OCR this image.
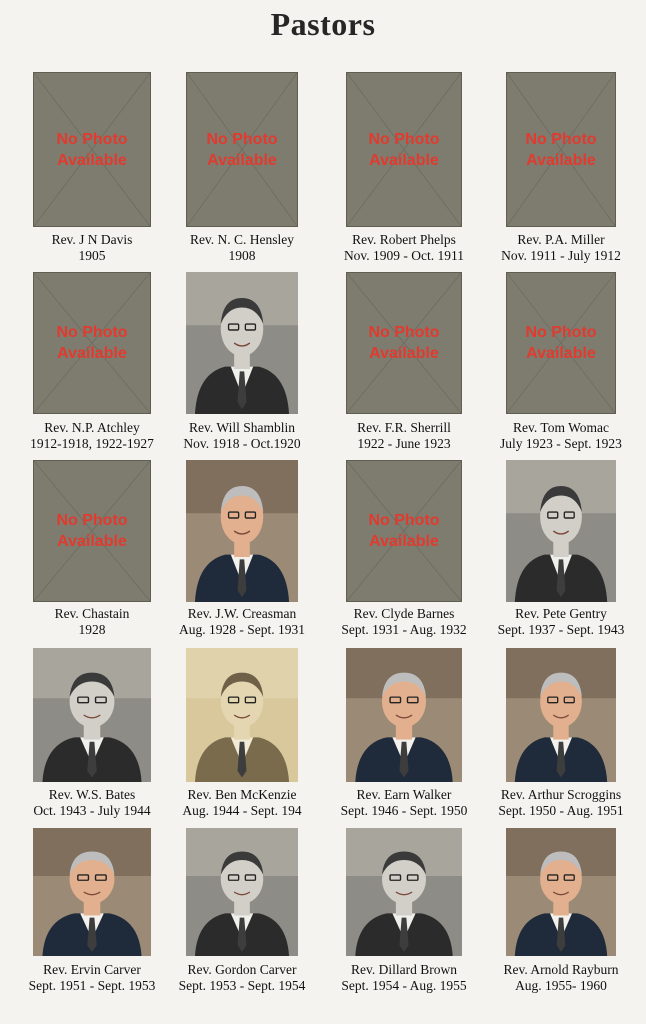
Pastors
No Photo
Available
Rev. J N Davis
1905
No Photo
Available
Rev. N. C. Hensley
1908
No Photo
Available
Rev. Robert Phelps
Nov. 1909 - Oct. 1911
No Photo
Available
Rev. P.A. Miller
Nov. 1911 - July 1912
No Photo
Available
Rev. N.P. Atchley
1912-1918, 1922-1927
Rev. Will Shamblin
Nov. 1918 - Oct.1920
No Photo
Available
Rev. F.R. Sherrill
1922 - June 1923
No Photo
Available
Rev. Tom Womac
July 1923 - Sept. 1923
No Photo
Available
Rev. Chastain
1928
Rev. J.W. Creasman
Aug. 1928 - Sept. 1931
No Photo
Available
Rev. Clyde Barnes
Sept. 1931 - Aug. 1932
Rev. Pete Gentry
Sept. 1937 - Sept. 1943
Rev. W.S. Bates
Oct. 1943 - July 1944
Rev. Ben McKenzie
Aug. 1944 - Sept. 194
Rev. Earn Walker
Sept. 1946 - Sept. 1950
Rev. Arthur Scroggins
Sept. 1950 - Aug. 1951
Rev. Ervin Carver
Sept. 1951 - Sept. 1953
Rev. Gordon Carver
Sept. 1953 - Sept. 1954
Rev. Dillard Brown
Sept. 1954 - Aug. 1955
Rev. Arnold Rayburn
Aug. 1955- 1960
